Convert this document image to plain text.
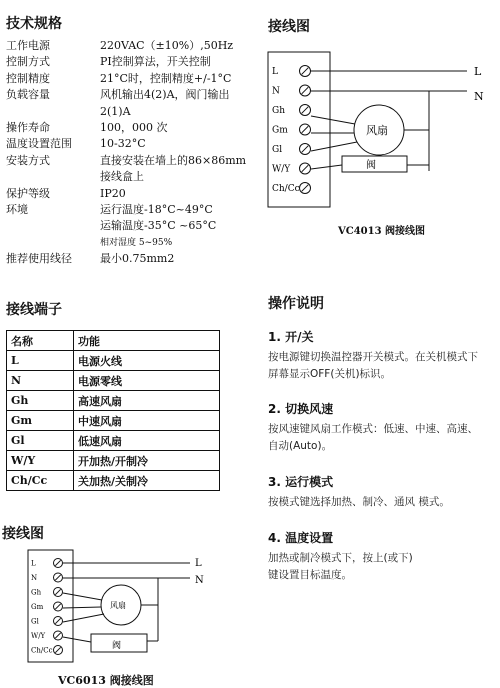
技术规格
工作电源	220VAC（±10%）,50Hz
控制方式	PI控制算法，开关控制
控制精度	21°C时，控制精度+/-1°C
负载容量	风机输出4(2)A，阀门输出
2(1)A
操作寿命	100，000 次
温度设置范围	10-32°C
安装方式	直接安装在墙上的86×86mm
接线盒上
保护等级	IP20
环境	运行温度-18°C~49°C
运输温度-35°C ~65°C
相对湿度 5~95%
推荐使用线径	最小0.75mm2
接线图
L
N
Gh
Gm
Gl
W/Y
Ch/Cc
L
N
风扇
阀
VC4013 阀接线图
接线端子
名称	功能
L	电源火线
N	电源零线
Gh	高速风扇
Gm	中速风扇
Gl	低速风扇
W/Y	开加热/开制冷
Ch/Cc	关加热/关制冷
接线图
L
N
Gh
Gm
Gl
W/Y
Ch/Cc
L
N
风扇
阀
VC6013 阀接线图
操作说明
1. 开/关
按电源键切换温控器开关模式。在关机模式下
屏幕显示OFF(关机)标识。
2. 切换风速
按风速键风扇工作模式：低速、中速、高速、
自动(Auto)。
3. 运行模式
按模式键选择加热、制冷、通风 模式。
4. 温度设置
加热或制冷模式下，按上(或下)
键设置目标温度。
